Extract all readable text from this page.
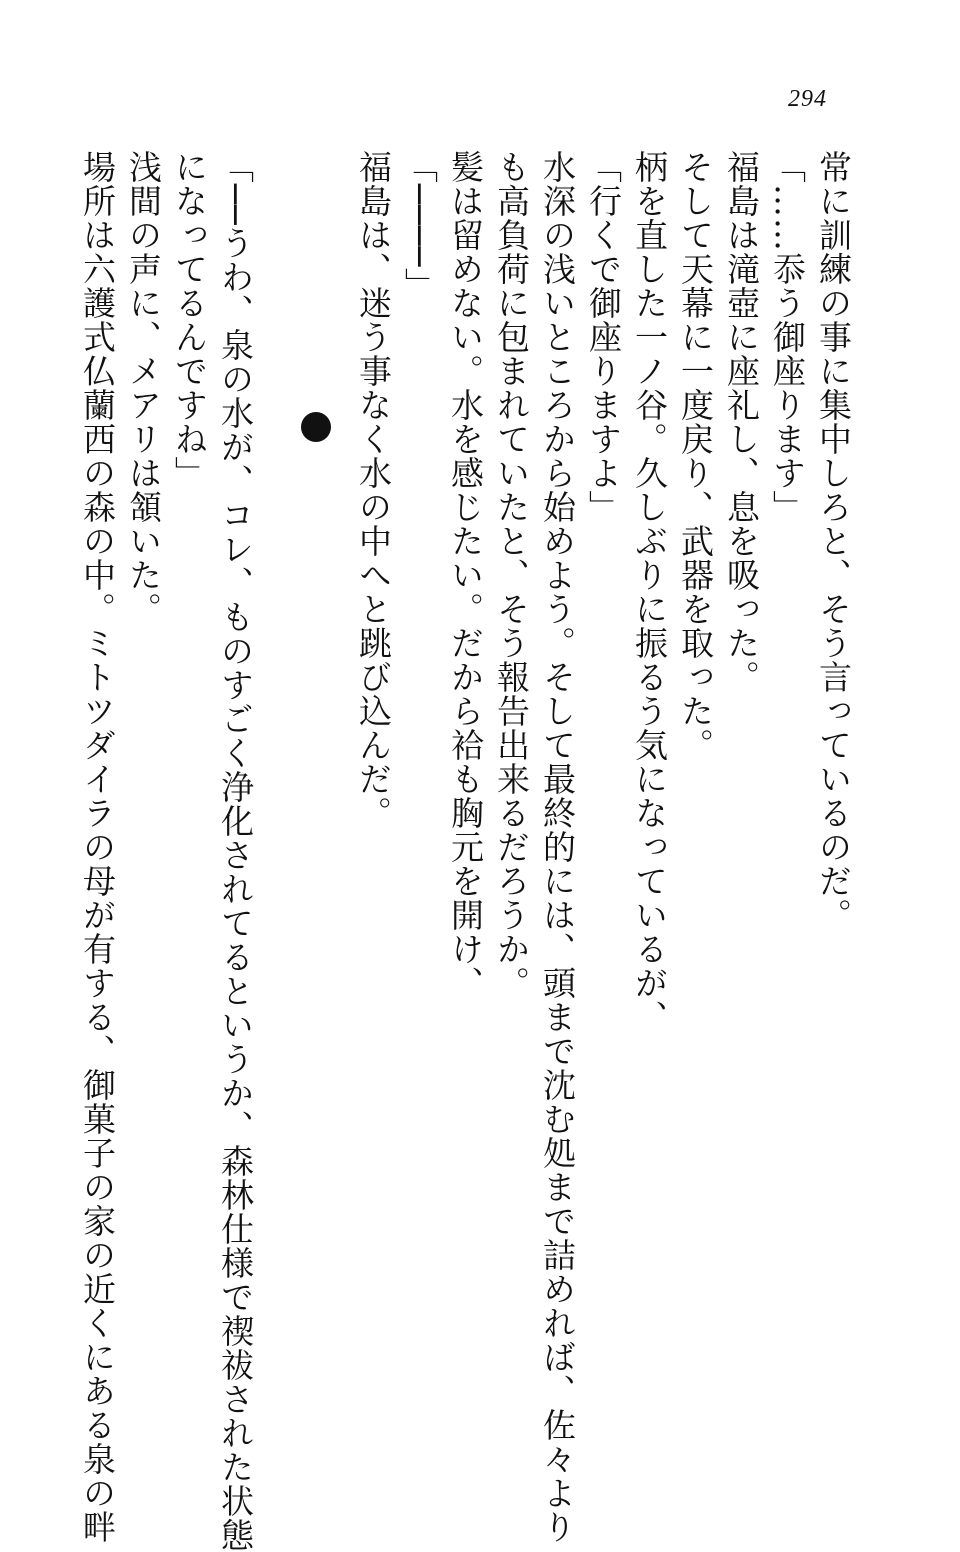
294

常に訓練の事に集中しろと、そう言っているのだ。

「……忝う御座ります」

福島は滝壺に座礼し、息を吸った。

そして天幕に一度戻り、武器を取った。

柄を直した一ノ谷。久しぶりに振るう気になっているが、

「行くで御座りますよ」

水深の浅いところから始めよう。そして最終的には、頭まで沈む処まで詰めれば、佐々より

も高負荷に包まれていたと、そう報告出来るだろうか。

髪は留めない。水を感じたい。だから袷も胸元を開け、

「────」

福島は、迷う事なく水の中へと跳び込んだ。

「──うわ、泉の水が、コレ、ものすごく浄化されてるというか、森林仕様で禊祓された状態

になってるんですね」

浅間の声に、メアリは頷いた。

場所は六護式仏蘭西の森の中。ミトツダイラの母が有する、御菓子の家の近くにある泉の畔
